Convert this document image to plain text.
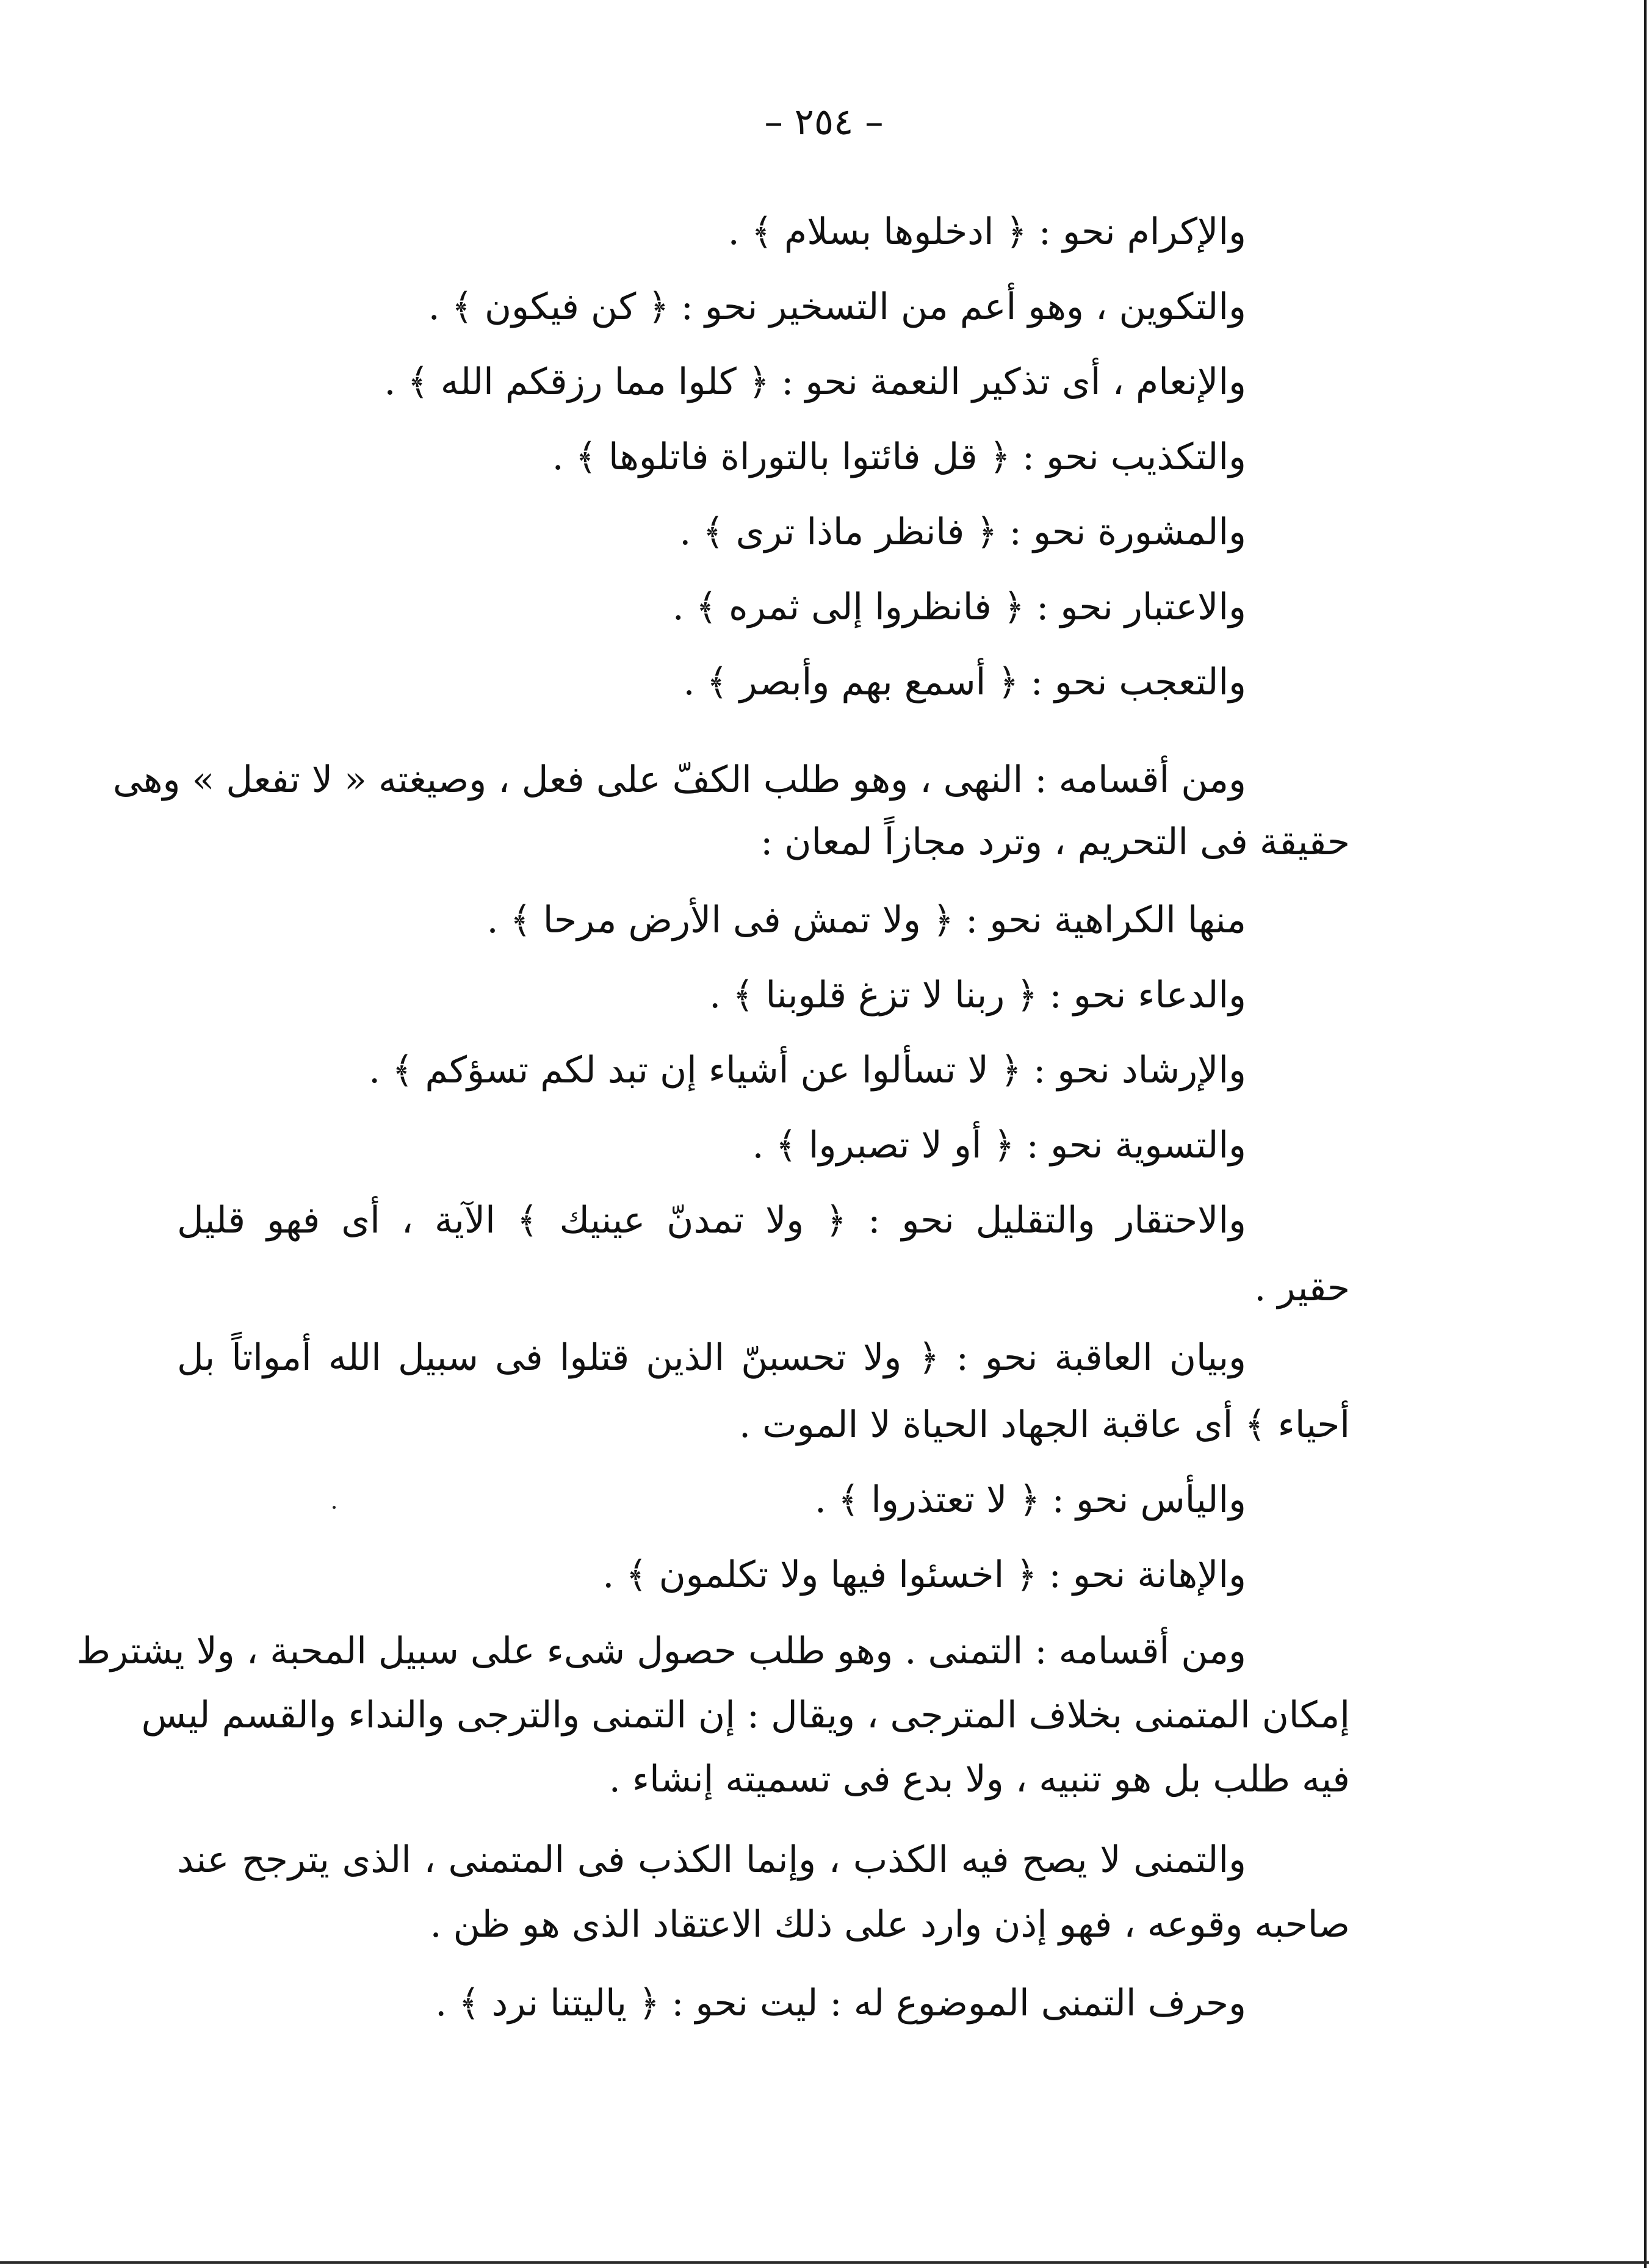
– ٢٥٤ –
والإكرام نحو : ﴿ ادخلوها بسلام ﴾ .
والتكوين ، وهو أعم من التسخير نحو : ﴿ كن فيكون ﴾ .
والإنعام ، أى تذكير النعمة نحو : ﴿ كلوا مما رزقكم الله ﴾ .
والتكذيب نحو : ﴿ قل فائتوا بالتوراة فاتلوها ﴾ .
والمشورة نحو : ﴿ فانظر ماذا ترى ﴾ .
والاعتبار نحو : ﴿ فانظروا إلى ثمره ﴾ .
والتعجب نحو : ﴿ أسمع بهم وأبصر ﴾ .
ومن أقسامه : النهى ، وهو طلب الكفّ على فعل ، وصيغته « لا تفعل » وهى
حقيقة فى التحريم ، وترد مجازاً لمعان :
منها الكراهية نحو : ﴿ ولا تمش فى الأرض مرحا ﴾ .
والدعاء نحو : ﴿ ربنا لا تزغ قلوبنا ﴾ .
والإرشاد نحو : ﴿ لا تسألوا عن أشياء إن تبد لكم تسؤكم ﴾ .
والتسوية نحو : ﴿ أو لا تصبروا ﴾ .
والاحتقار والتقليل نحو : ﴿ ولا تمدنّ عينيك ﴾ الآية ، أى فهو قليل
حقير .
وبيان العاقبة نحو : ﴿ ولا تحسبنّ الذين قتلوا فى سبيل الله أمواتاً بل
أحياء ﴾ أى عاقبة الجهاد الحياة لا الموت .
واليأس نحو : ﴿ لا تعتذروا ﴾ .
والإهانة نحو : ﴿ اخسئوا فيها ولا تكلمون ﴾ .
ومن أقسامه : التمنى . وهو طلب حصول شىء على سبيل المحبة ، ولا يشترط
إمكان المتمنى بخلاف المترجى ، ويقال : إن التمنى والترجى والنداء والقسم ليس
فيه طلب بل هو تنبيه ، ولا بدع فى تسميته إنشاء .
والتمنى لا يصح فيه الكذب ، وإنما الكذب فى المتمنى ، الذى يترجح عند
صاحبه وقوعه ، فهو إذن وارد على ذلك الاعتقاد الذى هو ظن .
وحرف التمنى الموضوع له : ليت نحو : ﴿ ياليتنا نرد ﴾ .
